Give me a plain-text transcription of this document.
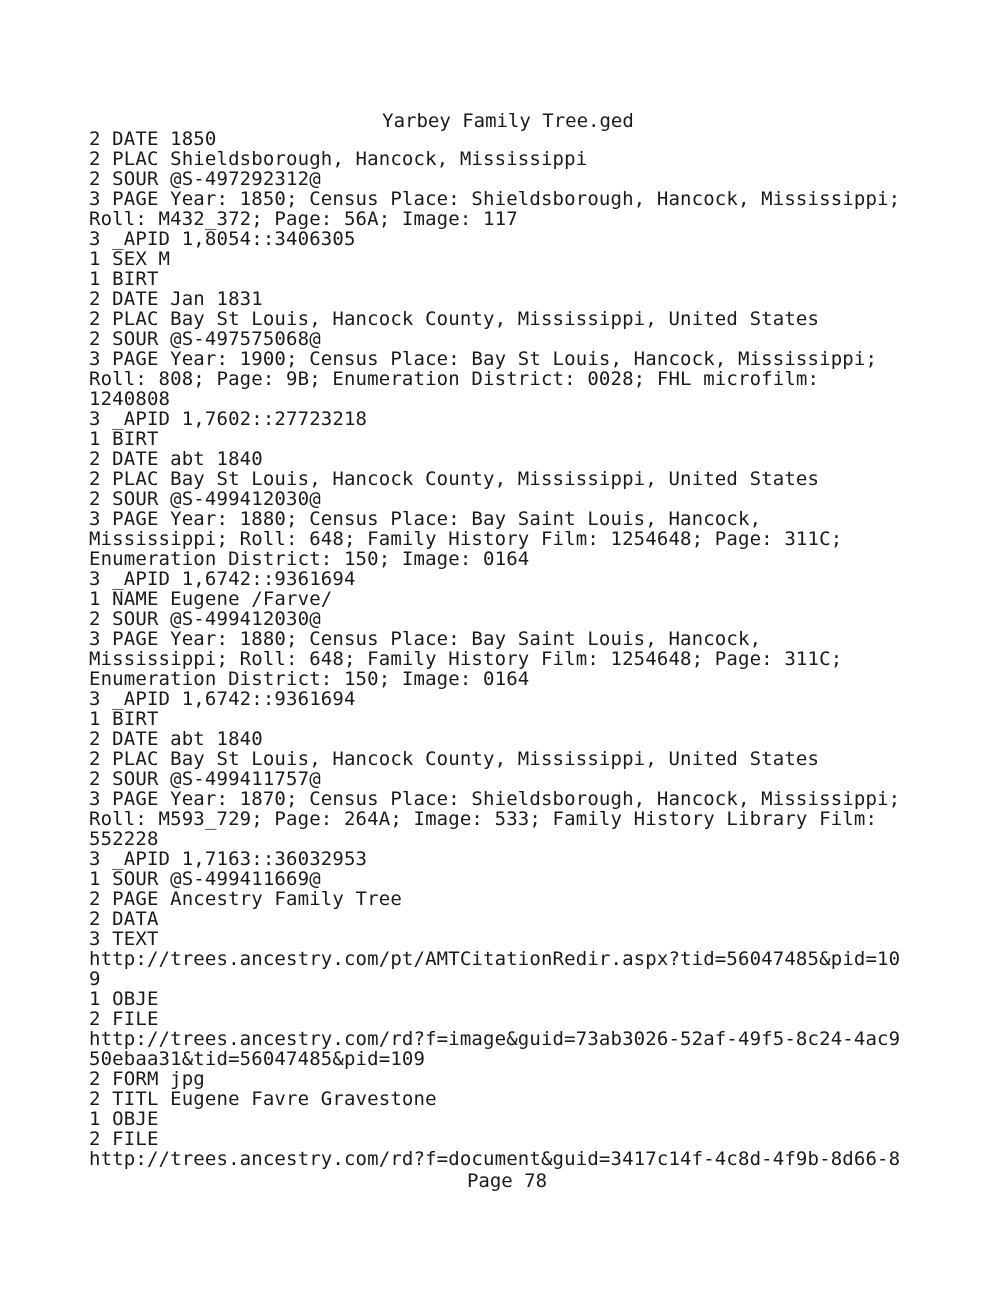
Yarbey Family Tree.ged
2 DATE 1850
2 PLAC Shieldsborough, Hancock, Mississippi
2 SOUR @S-497292312@
3 PAGE Year: 1850; Census Place: Shieldsborough, Hancock, Mississippi;
Roll: M432_372; Page: 56A; Image: 117
3 _APID 1,8054::3406305
1 SEX M
1 BIRT
2 DATE Jan 1831
2 PLAC Bay St Louis, Hancock County, Mississippi, United States
2 SOUR @S-497575068@
3 PAGE Year: 1900; Census Place: Bay St Louis, Hancock, Mississippi;
Roll: 808; Page: 9B; Enumeration District: 0028; FHL microfilm:
1240808
3 _APID 1,7602::27723218
1 BIRT
2 DATE abt 1840
2 PLAC Bay St Louis, Hancock County, Mississippi, United States
2 SOUR @S-499412030@
3 PAGE Year: 1880; Census Place: Bay Saint Louis, Hancock,
Mississippi; Roll: 648; Family History Film: 1254648; Page: 311C;
Enumeration District: 150; Image: 0164
3 _APID 1,6742::9361694
1 NAME Eugene /Farve/
2 SOUR @S-499412030@
3 PAGE Year: 1880; Census Place: Bay Saint Louis, Hancock,
Mississippi; Roll: 648; Family History Film: 1254648; Page: 311C;
Enumeration District: 150; Image: 0164
3 _APID 1,6742::9361694
1 BIRT
2 DATE abt 1840
2 PLAC Bay St Louis, Hancock County, Mississippi, United States
2 SOUR @S-499411757@
3 PAGE Year: 1870; Census Place: Shieldsborough, Hancock, Mississippi;
Roll: M593_729; Page: 264A; Image: 533; Family History Library Film:
552228
3 _APID 1,7163::36032953
1 SOUR @S-499411669@
2 PAGE Ancestry Family Tree
2 DATA
3 TEXT
http://trees.ancestry.com/pt/AMTCitationRedir.aspx?tid=56047485&pid=10
9
1 OBJE
2 FILE
http://trees.ancestry.com/rd?f=image&guid=73ab3026-52af-49f5-8c24-4ac9
50ebaa31&tid=56047485&pid=109
2 FORM jpg
2 TITL Eugene Favre Gravestone
1 OBJE
2 FILE
http://trees.ancestry.com/rd?f=document&guid=3417c14f-4c8d-4f9b-8d66-8
Page 78
